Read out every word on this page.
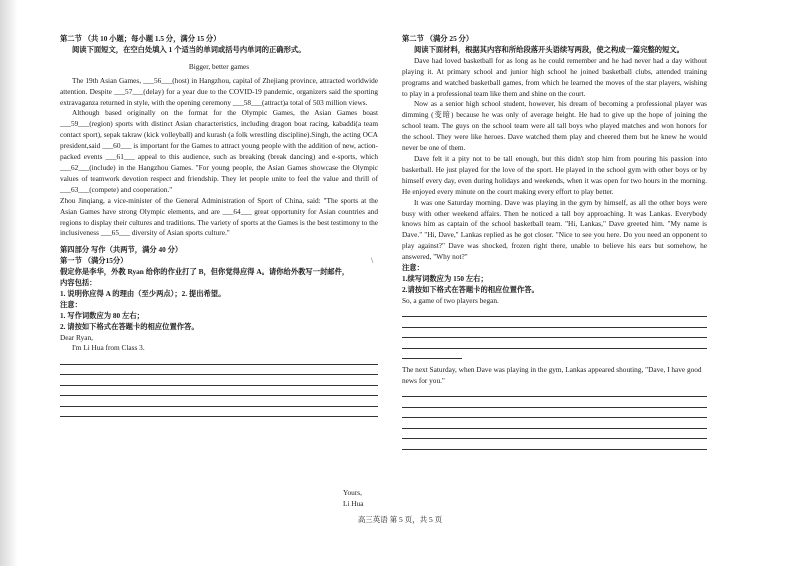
第二节 （共 10 小题；每小题 1.5 分，满分 15 分）

阅读下面短文，在空白处填入 1 个适当的单词或括号内单词的正确形式。

Bigger, better games

The 19th Asian Games, ___56___(host) in Hangzhou, capital of Zhejiang province, attracted worldwide attention. Despite ___57___(delay) for a year due to the COVID-19 pandemic, organizers said the sporting extravaganza returned in style, with the opening ceremony ___58___(attract)a total of 503 million views.

Although based originally on the format for the Olympic Games, the Asian Games boast ___59___(region) sports with distinct Asian characteristics, including dragon boat racing, kabaddi(a team contact sport), sepak takraw (kick volleyball) and kurash (a folk wrestling discipline).Singh, the acting OCA president,said ___60___ is important for the Games to attract young people with the addition of new, action-packed events ___61___ appeal to this audience, such as breaking (break dancing) and e-sports, which ___62___(include) in the Hangzhou Games. "For young people, the Asian Games showcase the Olympic values of teamwork devotion respect and friendship. They let people unite to feel the value and thrill of ___63___(compete) and cooperation."

Zhou Jinqiang, a vice-minister of the General Administration of Sport of China, said: "The sports at the Asian Games have strong Olympic elements, and are ___64___ great opportunity for Asian countries and regions to display their cultures and traditions. The variety of sports at the Games is the best testimony to the inclusiveness ___65___ diversity of Asian sports culture."

第四部分 写作（共两节，满分 40 分）

第一节 （满分15分）

假定你是李华，外教 Ryan 给你的作业打了 B，但你觉得应得 A。请你给外教写一封邮件，

内容包括：

1. 说明你应得 A 的理由（至少两点）；2. 提出希望。

注意：

1. 写作词数应为 80 左右；

2. 请按如下格式在答题卡的相应位置作答。

Dear Ryan,

I'm Li Hua from Class 3.

Yours,

Li Hua

\

第二节 （满分 25 分）

阅读下面材料，根据其内容和所给段落开头语续写两段，使之构成一篇完整的短文。

Dave had loved basketball for as long as he could remember and he had never had a day without playing it. At primary school and junior high school he joined basketball clubs, attended training programs and watched basketball games, from which he learned the moves of the star players, wishing to play in a professional team like them and shine on the court.

Now as a senior high school student, however, his dream of becoming a professional player was dimming (变暗) because he was only of average height. He had to give up the hope of joining the school team. The guys on the school team were all tall boys who played matches and won honors for the school. They were like heroes. Dave watched them play and cheered them but he knew he would never be one of them.

Dave felt it a pity not to be tall enough, but this didn't stop him from pouring his passion into basketball. He just played for the love of the sport. He played in the school gym with other boys or by himself every day, even during holidays and weekends, when it was open for two hours in the morning. He enjoyed every minute on the court making every effort to play better.

It was one Saturday morning. Dave was playing in the gym by himself, as all the other boys were busy with other weekend affairs. Then he noticed a tall boy approaching. It was Lankas. Everybody knows him as captain of the school basketball team. "Hi, Lankas," Dave greeted him. "My name is Dave." "Hi, Dave," Lankas replied as he got closer. "Nice to see you here. Do you need an opponent to play against?" Dave was shocked, frozen right there, unable to believe his ears but somehow, he answered, "Why not?"

注意：

1.续写词数应为 150 左右；

2.请按如下格式在答题卡的相应位置作答。

So, a game of two players began.

The next Saturday, when Dave was playing in the gym, Lankas appeared shouting, "Dave, I have good news for you."

高三英语 第 5 页，共 5 页
